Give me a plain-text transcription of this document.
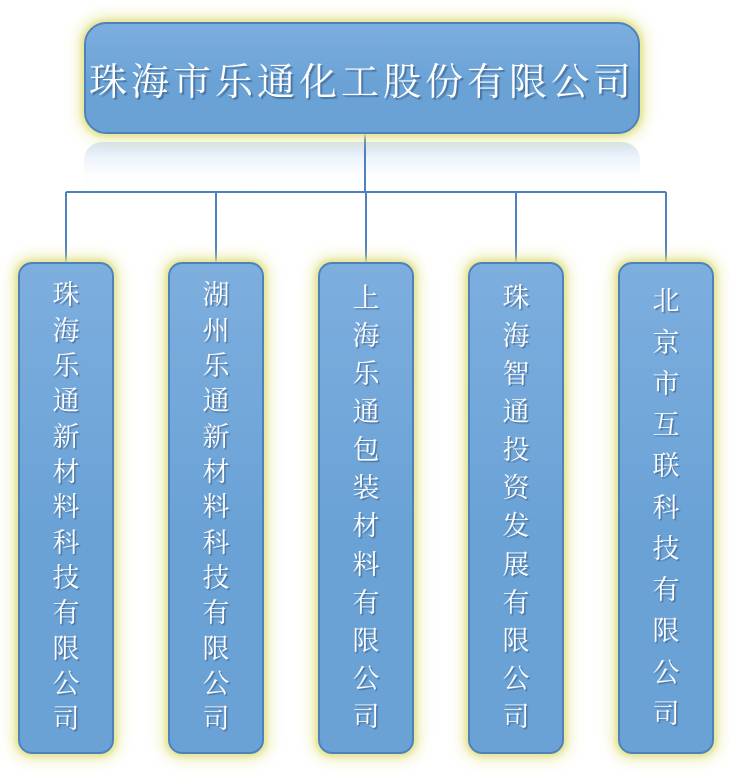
珠海市乐通化工股份有限公司
珠
海
乐
通
新
材
料
科
技
有
限
公
司
湖
州
乐
通
新
材
料
科
技
有
限
公
司
上
海
乐
通
包
装
材
料
有
限
公
司
珠
海
智
通
投
资
发
展
有
限
公
司
北
京
市
互
联
科
技
有
限
公
司
